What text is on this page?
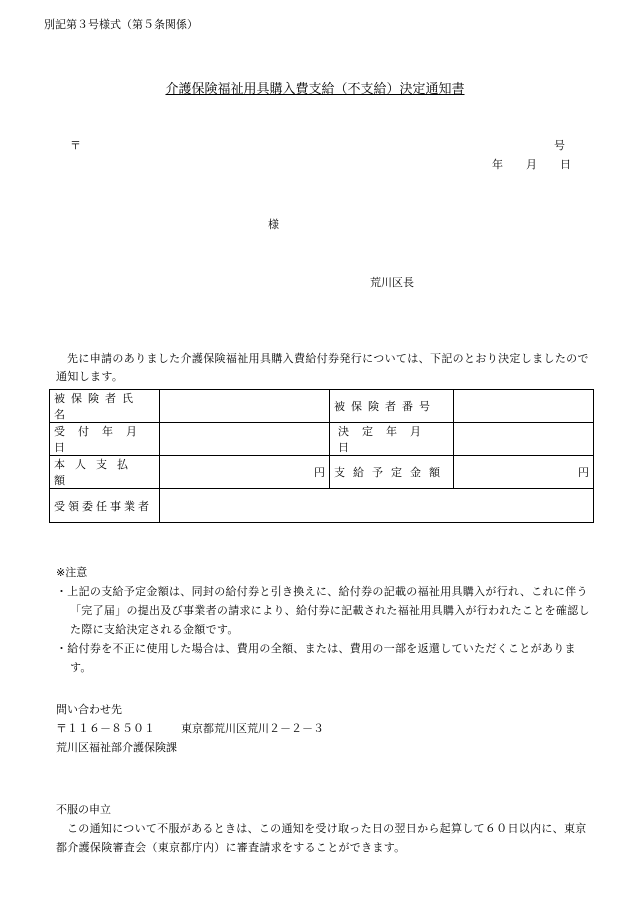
別記第３号様式（第５条関係）
介護保険福祉用具購入費支給（不支給）決定通知書
〒	号
年 月 日
様
荒川区長
先に申請のありました介護保険福祉用具購入費給付券発行については、下記のとおり決定しましたので通知します。
被保険者氏名		被保険者番号	
受付年月日		決定年月日	
本人支払額	円	支給予定金額	円
受領委任事業者			
※注意
・上記の支給予定金額は、同封の給付券と引き換えに、給付券の記載の福祉用具購入が行れ、これに伴う「完了届」の提出及び事業者の請求により、給付券に記載された福祉用具購入が行われたことを確認した際に支給決定される金額です。
・給付券を不正に使用した場合は、費用の全額、または、費用の一部を返還していただくことがあります。
問い合わせ先
〒１１６－８５０１ 東京都荒川区荒川２－２－３
荒川区福祉部介護保険課
不服の申立
この通知について不服があるときは、この通知を受け取った日の翌日から起算して６０日以内に、東京都介護保険審査会（東京都庁内）に審査請求をすることができます。
